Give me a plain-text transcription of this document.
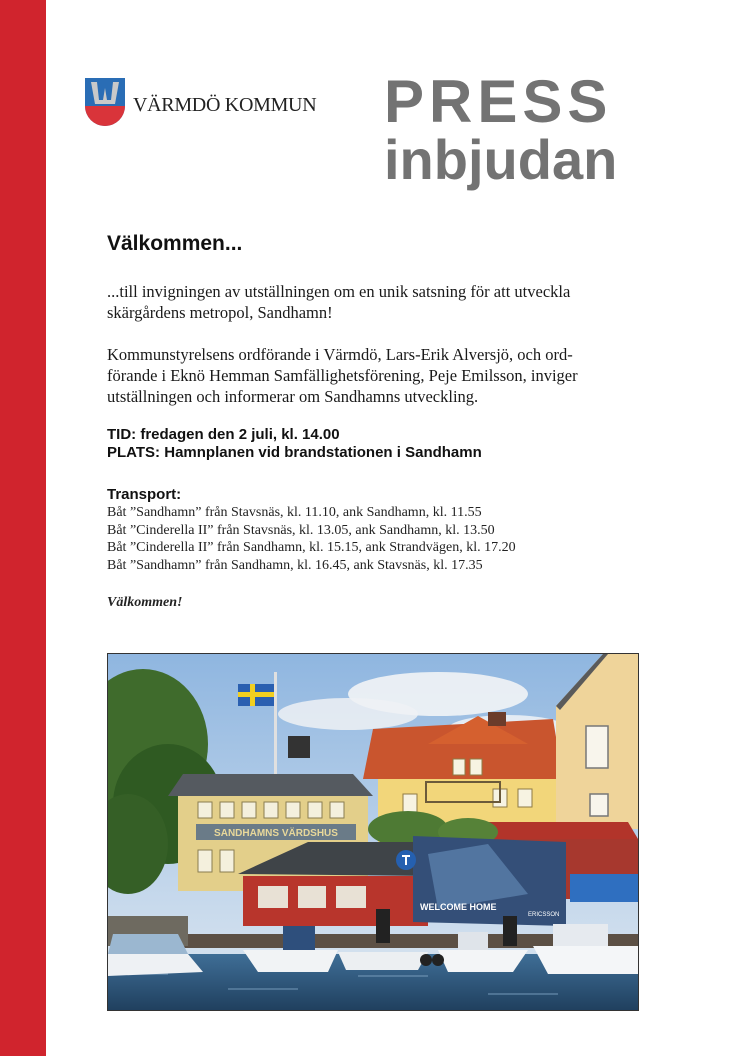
VÄRMDÖ KOMMUN PRESS
inbjudan
Välkommen...
...till invigningen av utställningen om en unik satsning för att utveckla
skärgårdens metropol, Sandhamn!
Kommunstyrelsens ordförande i Värmdö, Lars-Erik Alversjö, och ord-
förande i Eknö Hemman Samfällighetsförening, Peje Emilsson, inviger
utställningen och informerar om Sandhamns utveckling.
TID: fredagen den 2 juli, kl. 14.00
PLATS: Hamnplanen vid brandstationen i Sandhamn
Transport:
Båt ”Sandhamn” från Stavsnäs, kl. 11.10, ank Sandhamn, kl. 11.55
Båt ”Cinderella II” från Stavsnäs, kl. 13.05, ank Sandhamn, kl. 13.50
Båt ”Cinderella II” från Sandhamn, kl. 15.15, ank Strandvägen, kl. 17.20
Båt ”Sandhamn” från Sandhamn, kl. 16.45, ank Stavsnäs, kl. 17.35
Välkommen!
SANDHAMNS VÄRDSHUS
WELCOME HOME
ERICSSON
